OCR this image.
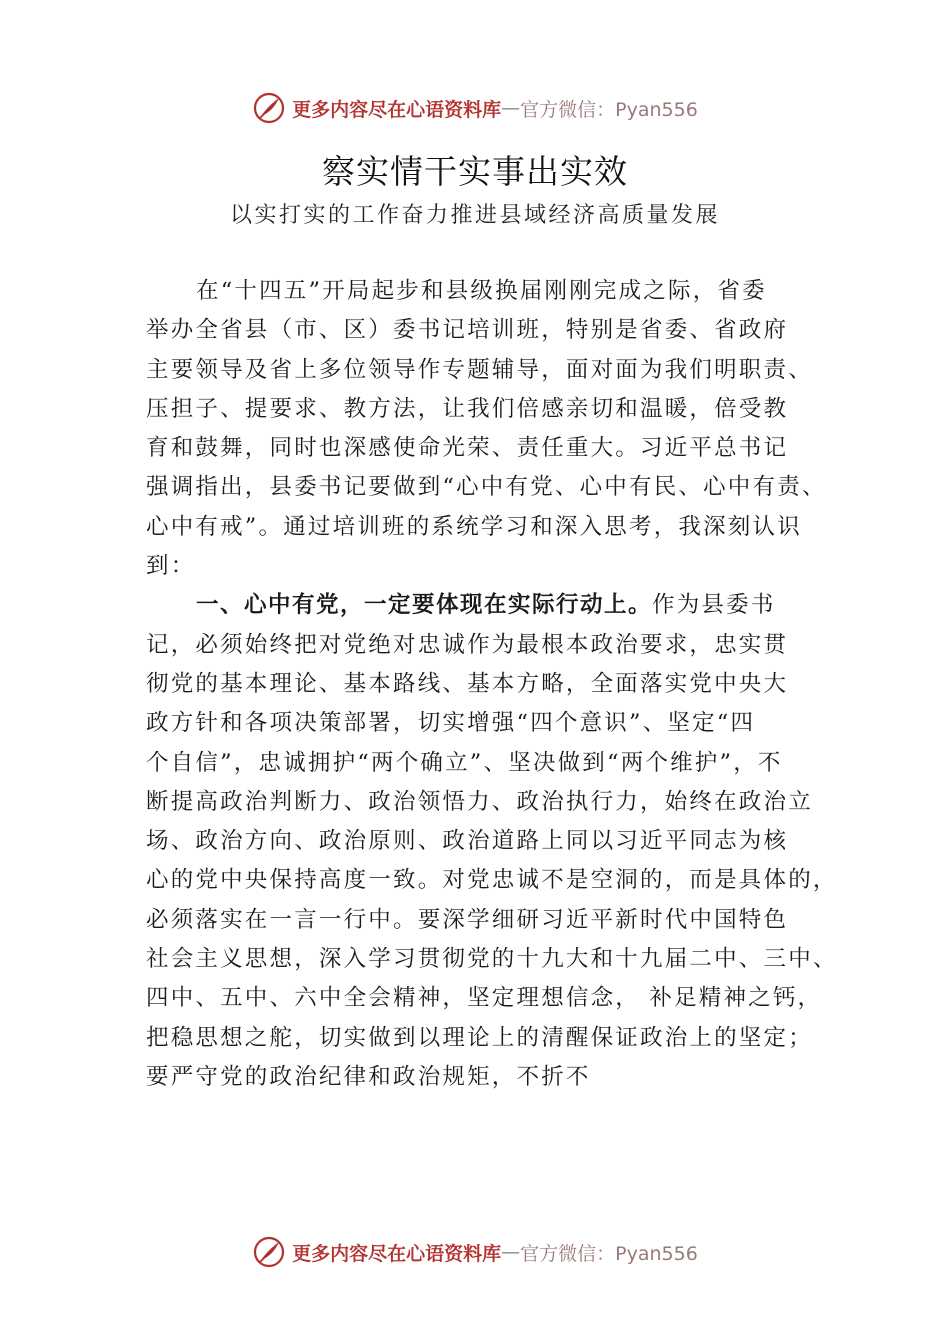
更多内容尽在心语资料库 — 官方微信：Pyan556
察实情干实事出实效
以实打实的工作奋力推进县域经济高质量发展
在“十四五”开局起步和县级换届刚刚完成之际，省委
举办全省县（市、区）委书记培训班，特别是省委、省政府
主要领导及省上多位领导作专题辅导，面对面为我们明职责、
压担子、提要求、教方法，让我们倍感亲切和温暖，倍受教
育和鼓舞，同时也深感使命光荣、责任重大。习近平总书记
强调指出，县委书记要做到“心中有党、心中有民、心中有责、
心中有戒”。通过培训班的系统学习和深入思考，我深刻认识
到：
一、心中有党，一定要体现在实际行动上。作为县委书
记，必须始终把对党绝对忠诚作为最根本政治要求，忠实贯
彻党的基本理论、基本路线、基本方略，全面落实党中央大
政方针和各项决策部署，切实增强“四个意识”、坚定“四
个自信”，忠诚拥护“两个确立”、坚决做到“两个维护”，不
断提高政治判断力、政治领悟力、政治执行力，始终在政治立
场、政治方向、政治原则、政治道路上同以习近平同志为核
心的党中央保持高度一致。对党忠诚不是空洞的，而是具体的，
必须落实在一言一行中。要深学细研习近平新时代中国特色
社会主义思想，深入学习贯彻党的十九大和十九届二中、三中、
四中、五中、六中全会精神，坚定理想信念， 补足精神之钙，
把稳思想之舵，切实做到以理论上的清醒保证政治上的坚定；
要严守党的政治纪律和政治规矩，不折不
更多内容尽在心语资料库 — 官方微信：Pyan556
